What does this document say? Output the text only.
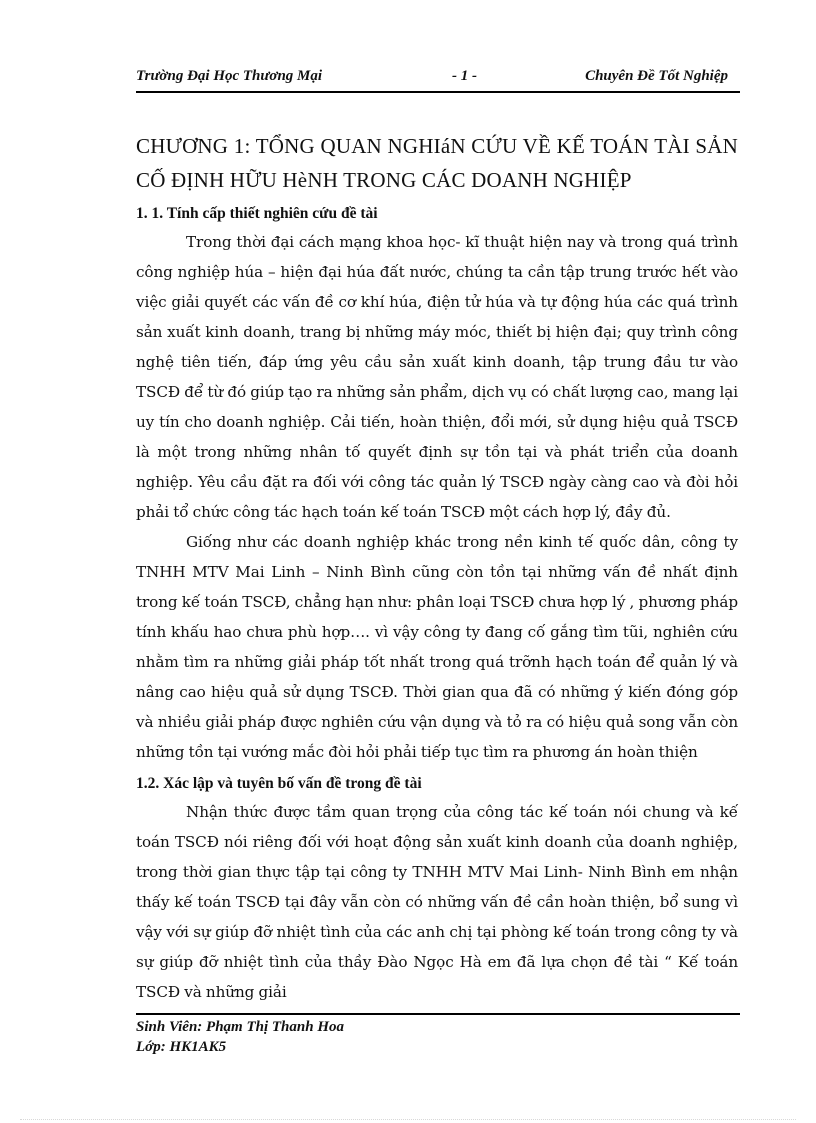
Trường Đại Học Thương Mại	- 1 -	Chuyên Đề Tốt Nghiệp

CHƯƠNG 1: TỔNG QUAN NGHIáN CỨU VỀ KẾ TOÁN TÀI SẢN CỐ ĐỊNH HỮU HèNH TRONG CÁC DOANH NGHIỆP

1. 1. Tính cấp thiết nghiên cứu đề tài

Trong thời đại cách mạng khoa học- kĩ thuật hiện nay và trong quá trình công nghiệp húa – hiện đại húa đất nước, chúng ta cần tập trung trước hết vào việc giải quyết các vấn đề cơ khí húa, điện tử húa và tự động húa các quá trình sản xuất kinh doanh, trang bị những máy móc, thiết bị hiện đại; quy trình công nghệ tiên tiến, đáp ứng yêu cầu sản xuất kinh doanh, tập trung đầu tư vào TSCĐ để từ đó giúp tạo ra những sản phẩm, dịch vụ có chất lượng cao, mang lại uy tín cho doanh nghiệp. Cải tiến, hoàn thiện, đổi mới, sử dụng hiệu quả TSCĐ là một trong những nhân tố quyết định sự tồn tại và phát triển của doanh nghiệp. Yêu cầu đặt ra đối với công tác quản lý TSCĐ ngày càng cao và đòi hỏi phải tổ chức công tác hạch toán kế toán TSCĐ một cách hợp lý, đầy đủ.

Giống như các doanh nghiệp khác trong nền kinh tế quốc dân, công ty TNHH MTV Mai Linh – Ninh Bình cũng còn tồn tại những vấn đề nhất định trong kế toán TSCĐ, chẳng hạn như: phân loại TSCĐ chưa hợp lý , phương pháp tính khấu hao chưa phù hợp…. vì vậy công ty đang cố gắng tìm tũi, nghiên cứu nhằm tìm ra những giải pháp tốt nhất trong quá trỡnh hạch toán để quản lý và nâng cao hiệu quả sử dụng TSCĐ. Thời gian qua đã có những ý kiến đóng góp và nhiều giải pháp được nghiên cứu vận dụng và tỏ ra có hiệu quả song vẫn còn những tồn tại vướng mắc đòi hỏi phải tiếp tục tìm ra phương án hoàn thiện

1.2. Xác lập và tuyên bố vấn đề trong đề tài

Nhận thức được tầm quan trọng của công tác kế toán nói chung và kế toán TSCĐ nói riêng đối với hoạt động sản xuất kinh doanh của doanh nghiệp, trong thời gian thực tập tại công ty TNHH MTV Mai Linh- Ninh Bình em nhận thấy kế toán TSCĐ tại đây vẫn còn có những vấn đề cần hoàn thiện, bổ sung vì vậy với sự giúp đỡ nhiệt tình của các anh chị tại phòng kế toán trong công ty và sự giúp đỡ nhiệt tình của thầy Đào Ngọc Hà em đã lựa chọn đề tài “ Kế toán TSCĐ và những giải

Sinh Viên: Phạm Thị Thanh Hoa
Lớp: HK1AK5
